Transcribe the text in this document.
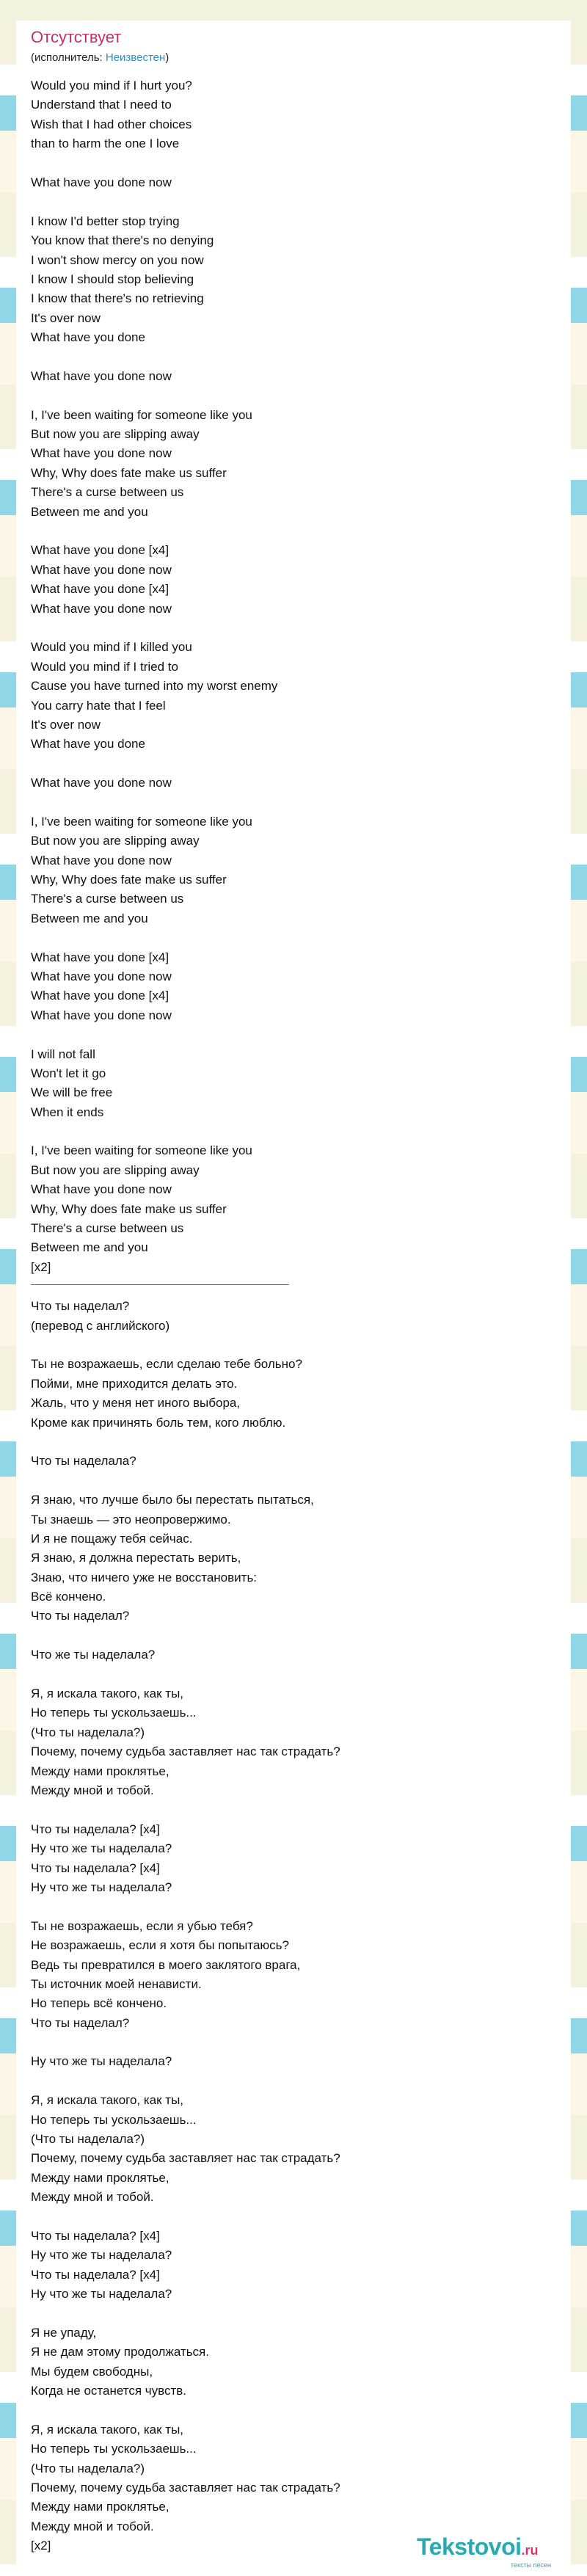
Отсутствует
(исполнитель: Неизвестен)
Would you mind if I hurt you?
Understand that I need to
Wish that I had other choices
than to harm the one I love
What have you done now
I know I'd better stop trying
You know that there's no denying
I won't show mercy on you now
I know I should stop believing
I know that there's no retrieving
It's over now
What have you done
What have you done now
I, I've been waiting for someone like you
But now you are slipping away
What have you done now
Why, Why does fate make us suffer
There's a curse between us
Between me and you
What have you done [x4]
What have you done now
What have you done [x4]
What have you done now
Would you mind if I killed you
Would you mind if I tried to
Cause you have turned into my worst enemy
You carry hate that I feel
It's over now
What have you done
What have you done now
I, I've been waiting for someone like you
But now you are slipping away
What have you done now
Why, Why does fate make us suffer
There's a curse between us
Between me and you
What have you done [x4]
What have you done now
What have you done [x4]
What have you done now
I will not fall
Won't let it go
We will be free
When it ends
I, I've been waiting for someone like you
But now you are slipping away
What have you done now
Why, Why does fate make us suffer
There's a curse between us
Between me and you
[x2]
Что ты наделал?
(перевод с английского)
Ты не возражаешь, если сделаю тебе больно?
Пойми, мне приходится делать это.
Жаль, что у меня нет иного выбора,
Кроме как причинять боль тем, кого люблю.
Что ты наделала?
Я знаю, что лучше было бы перестать пытаться,
Ты знаешь — это неопровержимо.
И я не пощажу тебя сейчас.
Я знаю, я должна перестать верить,
Знаю, что ничего уже не восстановить:
Всё кончено.
Что ты наделал?
Что же ты наделала?
Я, я искала такого, как ты,
Но теперь ты ускользаешь...
(Что ты наделала?)
Почему, почему судьба заставляет нас так страдать?
Между нами проклятье,
Между мной и тобой.
Что ты наделала? [x4]
Ну что же ты наделала?
Что ты наделала? [x4]
Ну что же ты наделала?
Ты не возражаешь, если я убью тебя?
Не возражаешь, если я хотя бы попытаюсь?
Ведь ты превратился в моего заклятого врага,
Ты источник моей ненависти.
Но теперь всё кончено.
Что ты наделал?
Ну что же ты наделала?
Я, я искала такого, как ты,
Но теперь ты ускользаешь...
(Что ты наделала?)
Почему, почему судьба заставляет нас так страдать?
Между нами проклятье,
Между мной и тобой.
Что ты наделала? [x4]
Ну что же ты наделала?
Что ты наделала? [x4]
Ну что же ты наделала?
Я не упаду,
Я не дам этому продолжаться.
Мы будем свободны,
Когда не останется чувств.
Я, я искала такого, как ты,
Но теперь ты ускользаешь...
(Что ты наделала?)
Почему, почему судьба заставляет нас так страдать?
Между нами проклятье,
Между мной и тобой.
[x2]	Tekstovoi.ru
тексты песен
